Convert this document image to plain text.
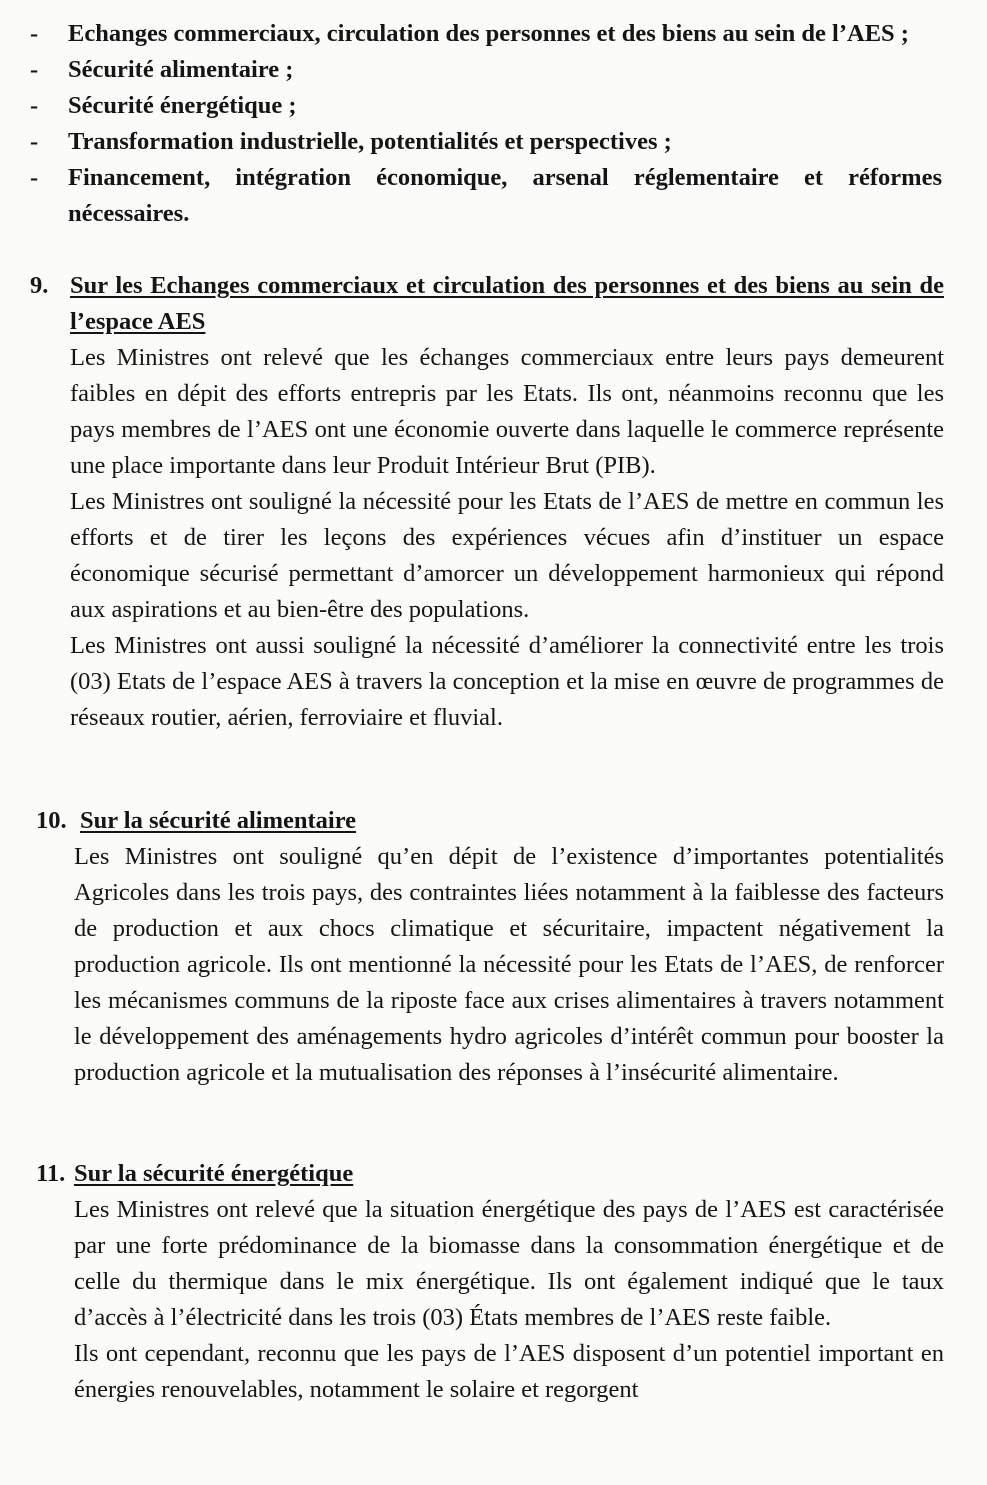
-	Echanges commerciaux, circulation des personnes et des biens au sein de l’AES ;
-	Sécurité alimentaire ;
-	Sécurité énergétique ;
-	Transformation industrielle, potentialités et perspectives ;
-	Financement, intégration économique, arsenal réglementaire et réformes nécessaires.
9. Sur les Echanges commerciaux et circulation des personnes et des biens au sein de l’espace AES

Les Ministres ont relevé que les échanges commerciaux entre leurs pays demeurent faibles en dépit des efforts entrepris par les Etats. Ils ont, néanmoins reconnu que les pays membres de l’AES ont une économie ouverte dans laquelle le commerce représente une place importante dans leur Produit Intérieur Brut (PIB).

Les Ministres ont souligné la nécessité pour les Etats de l’AES de mettre en commun les efforts et de tirer les leçons des expériences vécues afin d’instituer un espace économique sécurisé permettant d’amorcer un développement harmonieux qui répond aux aspirations et au bien-être des populations.

Les Ministres ont aussi souligné la nécessité d’améliorer la connectivité entre les trois (03) Etats de l’espace AES à travers la conception et la mise en œuvre de programmes de réseaux routier, aérien, ferroviaire et fluvial.

10. Sur la sécurité alimentaire

Les Ministres ont souligné qu’en dépit de l’existence d’importantes potentialités Agricoles dans les trois pays, des contraintes liées notamment à la faiblesse des facteurs de production et aux chocs climatique et sécuritaire, impactent négativement la production agricole. Ils ont mentionné la nécessité pour les Etats de l’AES, de renforcer les mécanismes communs de la riposte face aux crises alimentaires à travers notamment le développement des aménagements hydro agricoles d’intérêt commun pour booster la production agricole et la mutualisation des réponses à l’insécurité alimentaire.

11. Sur la sécurité énergétique

Les Ministres ont relevé que la situation énergétique des pays de l’AES est caractérisée par une forte prédominance de la biomasse dans la consommation énergétique et de celle du thermique dans le mix énergétique. Ils ont également indiqué que le taux d’accès à l’électricité dans les trois (03) États membres de l’AES reste faible.

Ils ont cependant, reconnu que les pays de l’AES disposent d’un potentiel important en énergies renouvelables, notamment le solaire et regorgent
